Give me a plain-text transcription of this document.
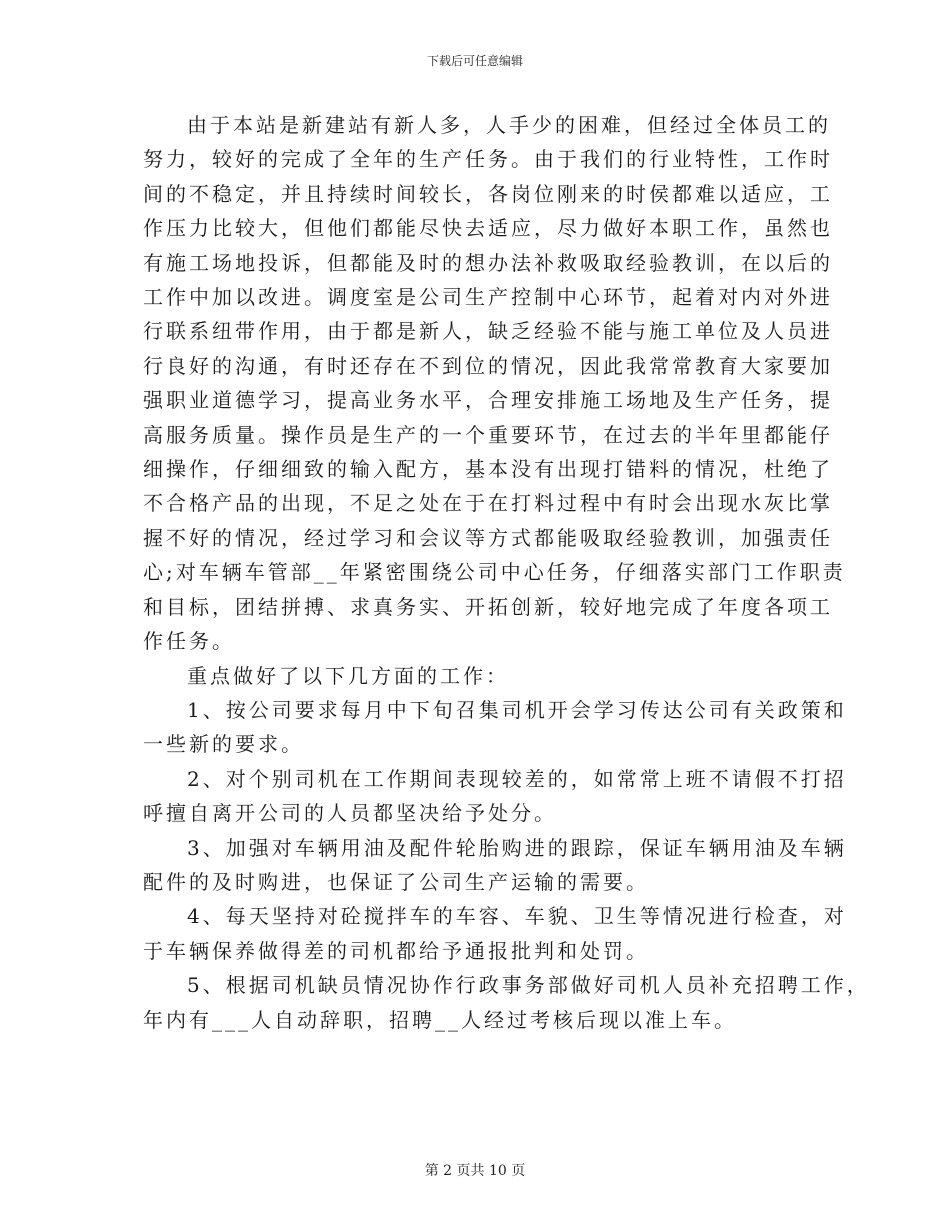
下载后可任意编辑
由于本站是新建站有新人多，人手少的困难，但经过全体员工的
努力，较好的完成了全年的生产任务。由于我们的行业特性，工作时
间的不稳定，并且持续时间较长，各岗位刚来的时侯都难以适应，工
作压力比较大，但他们都能尽快去适应，尽力做好本职工作，虽然也
有施工场地投诉，但都能及时的想办法补救吸取经验教训，在以后的
工作中加以改进。调度室是公司生产控制中心环节，起着对内对外进
行联系纽带作用，由于都是新人，缺乏经验不能与施工单位及人员进
行良好的沟通，有时还存在不到位的情况，因此我常常教育大家要加
强职业道德学习，提高业务水平，合理安排施工场地及生产任务，提
高服务质量。操作员是生产的一个重要环节，在过去的半年里都能仔
细操作，仔细细致的输入配方，基本没有出现打错料的情况，杜绝了
不合格产品的出现，不足之处在于在打料过程中有时会出现水灰比掌
握不好的情况，经过学习和会议等方式都能吸取经验教训，加强责任
心;对车辆车管部__年紧密围绕公司中心任务，仔细落实部门工作职责
和目标，团结拼搏、求真务实、开拓创新，较好地完成了年度各项工
作任务。
重点做好了以下几方面的工作：
1、按公司要求每月中下旬召集司机开会学习传达公司有关政策和
一些新的要求。
2、对个别司机在工作期间表现较差的，如常常上班不请假不打招
呼擅自离开公司的人员都坚决给予处分。
3、加强对车辆用油及配件轮胎购进的跟踪，保证车辆用油及车辆
配件的及时购进，也保证了公司生产运输的需要。
4、每天坚持对砼搅拌车的车容、车貌、卫生等情况进行检查，对
于车辆保养做得差的司机都给予通报批判和处罚。
5、根据司机缺员情况协作行政事务部做好司机人员补充招聘工作，
年内有___人自动辞职，招聘__人经过考核后现以准上车。
第 2 页共 10 页
